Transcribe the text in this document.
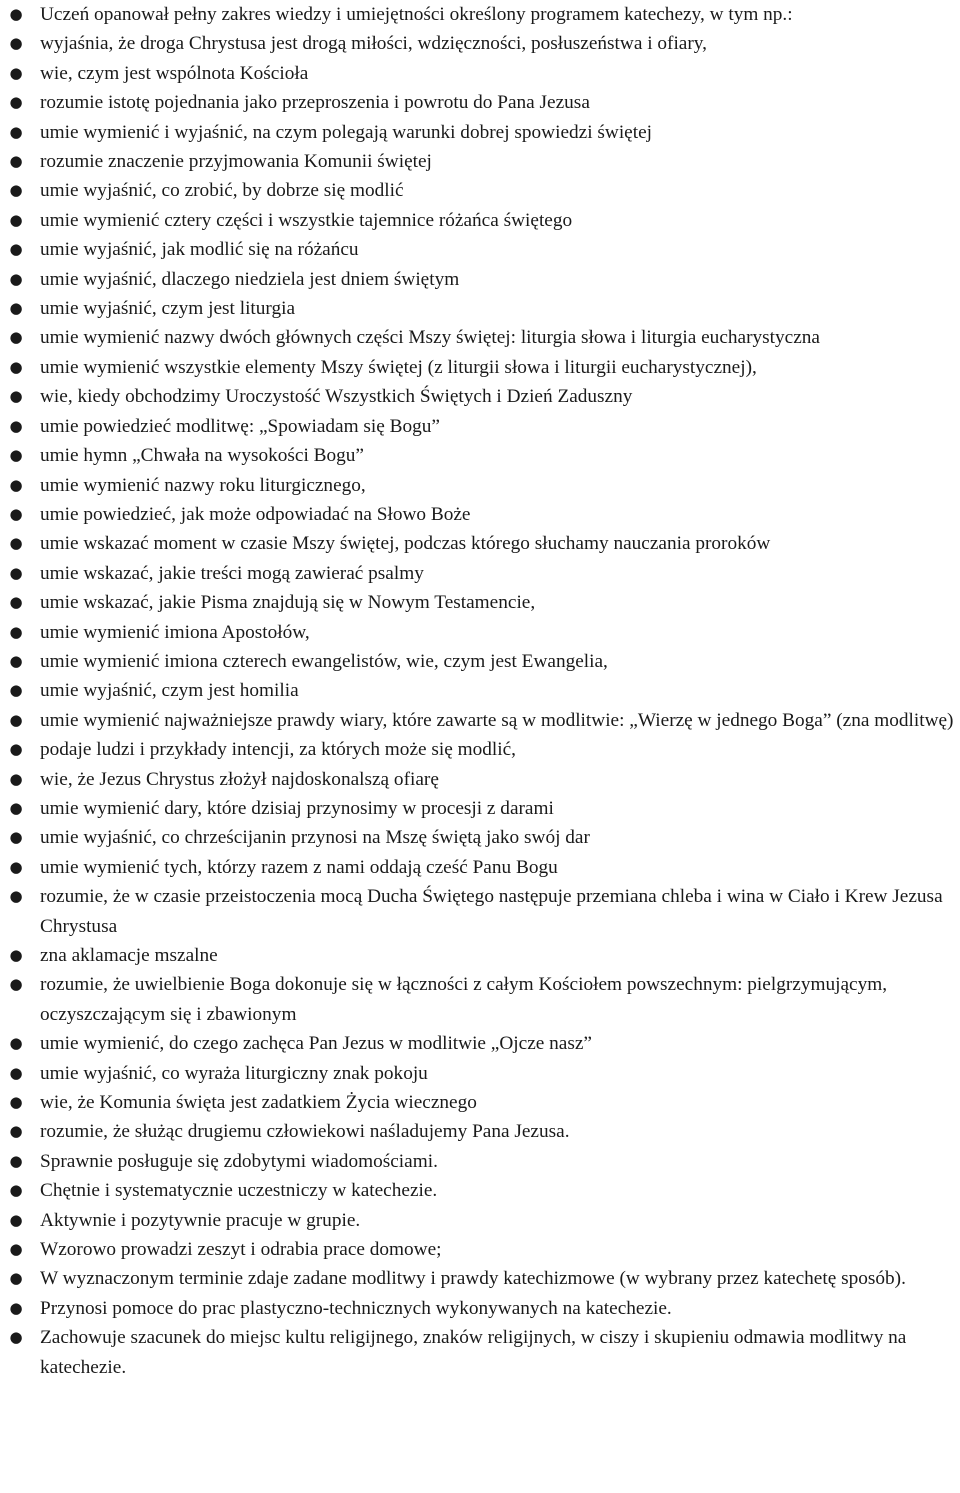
● Uczeń opanował pełny zakres wiedzy i umiejętności określony programem katechezy, w tym np.:
● wyjaśnia, że droga Chrystusa jest drogą miłości, wdzięczności, posłuszeństwa i ofiary,
● wie, czym jest wspólnota Kościoła
● rozumie istotę pojednania jako przeproszenia i powrotu do Pana Jezusa
● umie wymienić i wyjaśnić, na czym polegają warunki dobrej spowiedzi świętej
● rozumie znaczenie przyjmowania Komunii świętej
● umie wyjaśnić, co zrobić, by dobrze się modlić
● umie wymienić cztery części i wszystkie tajemnice różańca świętego
● umie wyjaśnić, jak modlić się na różańcu
● umie wyjaśnić, dlaczego niedziela jest dniem świętym
● umie wyjaśnić, czym jest liturgia
● umie wymienić nazwy dwóch głównych części Mszy świętej: liturgia słowa i liturgia eucharystyczna
● umie wymienić wszystkie elementy Mszy świętej (z liturgii słowa i liturgii eucharystycznej),
● wie, kiedy obchodzimy Uroczystość Wszystkich Świętych i Dzień Zaduszny
● umie powiedzieć modlitwę: „Spowiadam się Bogu”
● umie hymn „Chwała na wysokości Bogu”
● umie wymienić nazwy roku liturgicznego,
● umie powiedzieć, jak może odpowiadać na Słowo Boże
● umie wskazać moment w czasie Mszy świętej, podczas którego słuchamy nauczania proroków
● umie wskazać, jakie treści mogą zawierać psalmy
● umie wskazać, jakie Pisma znajdują się w Nowym Testamencie,
● umie wymienić imiona Apostołów,
● umie wymienić imiona czterech ewangelistów, wie, czym jest Ewangelia,
● umie wyjaśnić, czym jest homilia
● umie wymienić najważniejsze prawdy wiary, które zawarte są w modlitwie: „Wierzę w jednego Boga” (zna modlitwę)
● podaje ludzi i przykłady intencji, za których może się modlić,
● wie, że Jezus Chrystus złożył najdoskonalszą ofiarę
● umie wymienić dary, które dzisiaj przynosimy w procesji z darami
● umie wyjaśnić, co chrześcijanin przynosi na Mszę świętą jako swój dar
● umie wymienić tych, którzy razem z nami oddają cześć Panu Bogu
● rozumie, że w czasie przeistoczenia mocą Ducha Świętego następuje przemiana chleba i wina w Ciało i Krew Jezusa Chrystusa
● zna aklamacje mszalne
● rozumie, że uwielbienie Boga dokonuje się w łączności z całym Kościołem powszechnym: pielgrzymującym, oczyszczającym się i zbawionym
● umie wymienić, do czego zachęca Pan Jezus w modlitwie „Ojcze nasz”
● umie wyjaśnić, co wyraża liturgiczny znak pokoju
● wie, że Komunia święta jest zadatkiem Życia wiecznego
● rozumie, że służąc drugiemu człowiekowi naśladujemy Pana Jezusa.
● Sprawnie posługuje się zdobytymi wiadomościami.
● Chętnie i systematycznie uczestniczy w katechezie.
● Aktywnie i pozytywnie pracuje w grupie.
● Wzorowo prowadzi zeszyt i odrabia prace domowe;
● W wyznaczonym terminie zdaje zadane modlitwy i prawdy katechizmowe (w wybrany przez katechetę sposób).
● Przynosi pomoce do prac plastyczno-technicznych wykonywanych na katechezie.
● Zachowuje szacunek do miejsc kultu religijnego, znaków religijnych, w ciszy i skupieniu odmawia modlitwy na katechezie.
